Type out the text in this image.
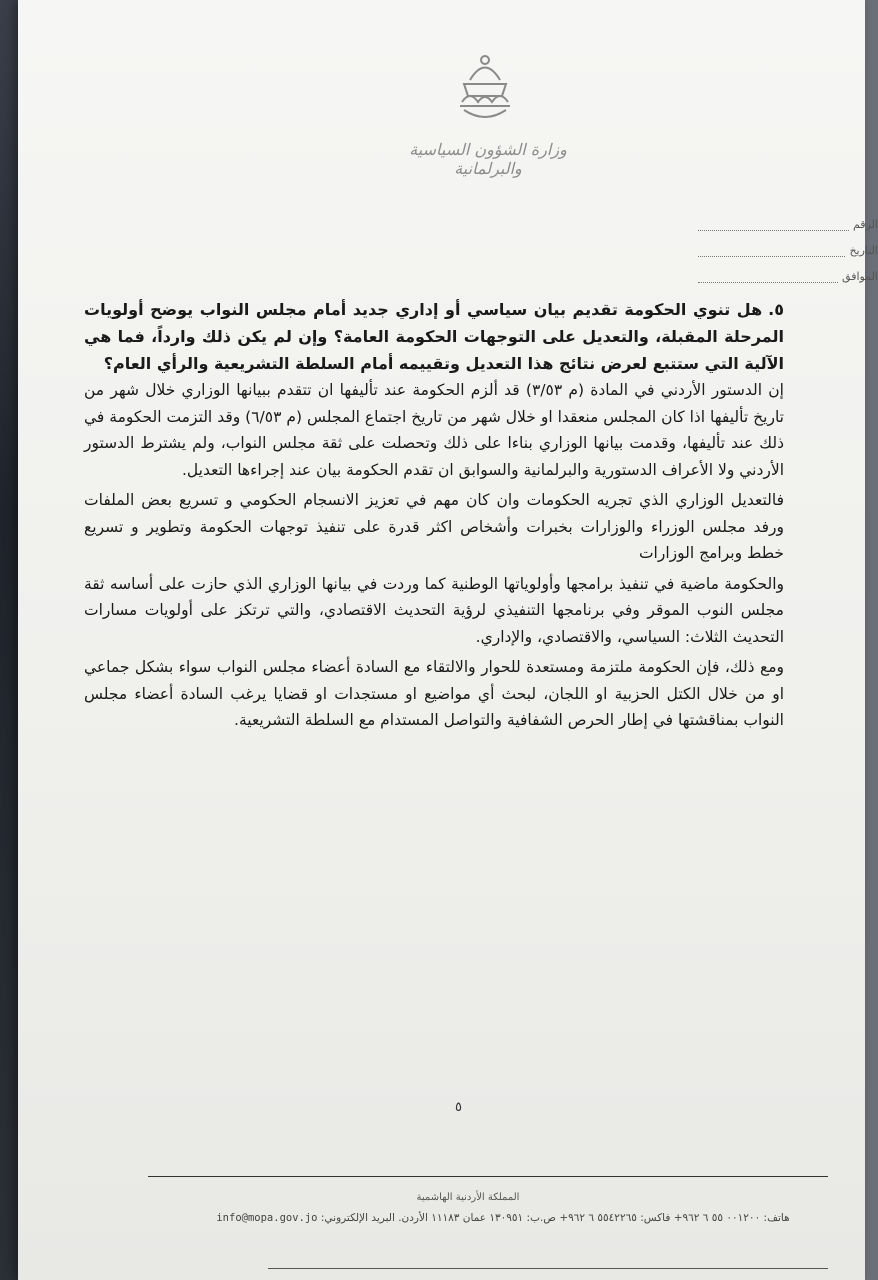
وزارة الشؤون السياسية والبرلمانية
الرقم
التاريخ
الموافق

٥.هل تنوي الحكومة تقديم بيان سياسي أو إداري جديد أمام مجلس النواب يوضح أولويات المرحلة المقبلة، والتعديل على التوجهات الحكومة العامة؟ وإن لم يكن ذلك وارداً، فما هي الآلية التي ستتبع لعرض نتائج هذا التعديل وتقييمه أمام السلطة التشريعية والرأي العام؟

إن الدستور الأردني في المادة (م ٣/٥٣) قد ألزم الحكومة عند تأليفها ان تتقدم ببيانها الوزاري خلال شهر من تاريخ تأليفها اذا كان المجلس منعقدا او خلال شهر من تاريخ اجتماع المجلس (م ٦/٥٣) وقد التزمت الحكومة في ذلك عند تأليفها، وقدمت بيانها الوزاري بناءا على ذلك وتحصلت على ثقة مجلس النواب، ولم يشترط الدستور الأردني ولا الأعراف الدستورية والبرلمانية والسوابق ان تقدم الحكومة بيان عند إجراءها التعديل.

فالتعديل الوزاري الذي تجريه الحكومات وان كان مهم في تعزيز الانسجام الحكومي و تسريع بعض الملفات ورفد مجلس الوزراء والوزارات بخبرات وأشخاص اكثر قدرة على تنفيذ توجهات الحكومة وتطوير و تسريع خطط وبرامج الوزارات

والحكومة ماضية في تنفيذ برامجها وأولوياتها الوطنية كما وردت في بيانها الوزاري الذي حازت على أساسه ثقة مجلس النوب الموقر وفي برنامجها التنفيذي لرؤية التحديث الاقتصادي، والتي ترتكز على أولويات مسارات التحديث الثلاث: السياسي، والاقتصادي، والإداري.

ومع ذلك، فإن الحكومة ملتزمة ومستعدة للحوار والالتقاء مع السادة أعضاء مجلس النواب سواء بشكل جماعي او من خلال الكتل الحزبية او اللجان، لبحث أي مواضيع او مستجدات او قضايا يرغب السادة أعضاء مجلس النواب بمناقشتها في إطار الحرص الشفافية والتواصل المستدام مع السلطة التشريعية.

٥
المملكة الأردنية الهاشمية
هاتف: ٠٠١٢٠٠ ٥٥ ٦ ٩٦٢+ فاكس: ٥٥٤٢٢٦٥ ٦ ٩٦٢+ ص.ب: ١٣٠٩٥١ عمان ١١١٨٣ الأردن. البريد الإلكتروني: info@mopa.gov.jo
